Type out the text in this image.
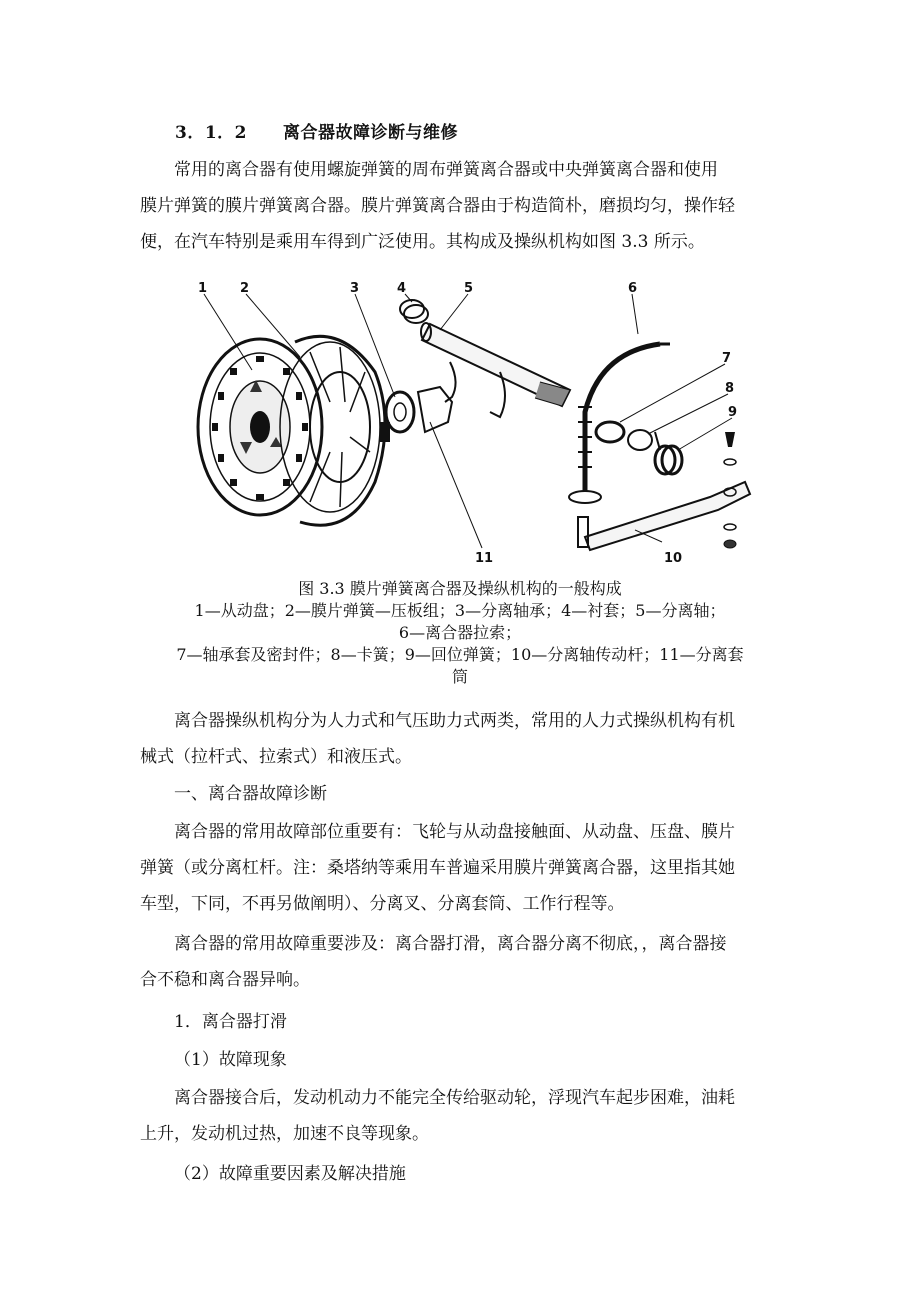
3．1．2 离合器故障诊断与维修
常用的离合器有使用螺旋弹簧的周布弹簧离合器或中央弹簧离合器和使用
膜片弹簧的膜片弹簧离合器。膜片弹簧离合器由于构造简朴，磨损均匀，操作轻
便，在汽车特别是乘用车得到广泛使用。其构成及操纵机构如图 3.3 所示。
1	2	3	4	5	6
7
8
9
10
11
图 3.3 膜片弹簧离合器及操纵机构的一般构成
1—从动盘；2—膜片弹簧—压板组；3—分离轴承；4—衬套；5—分离轴；
6—离合器拉索；
7—轴承套及密封件；8—卡簧；9—回位弹簧；10—分离轴传动杆；11—分离套
筒
离合器操纵机构分为人力式和气压助力式两类，常用的人力式操纵机构有机
械式（拉杆式、拉索式）和液压式。
一、离合器故障诊断
离合器的常用故障部位重要有：飞轮与从动盘接触面、从动盘、压盘、膜片
弹簧（或分离杠杆。注：桑塔纳等乘用车普遍采用膜片弹簧离合器，这里指其她
车型，下同，不再另做阐明）、分离叉、分离套筒、工作行程等。
离合器的常用故障重要涉及：离合器打滑，离合器分离不彻底，，离合器接
合不稳和离合器异响。
1．离合器打滑
（1）故障现象
离合器接合后，发动机动力不能完全传给驱动轮，浮现汽车起步困难，油耗
上升，发动机过热，加速不良等现象。
（2）故障重要因素及解决措施
